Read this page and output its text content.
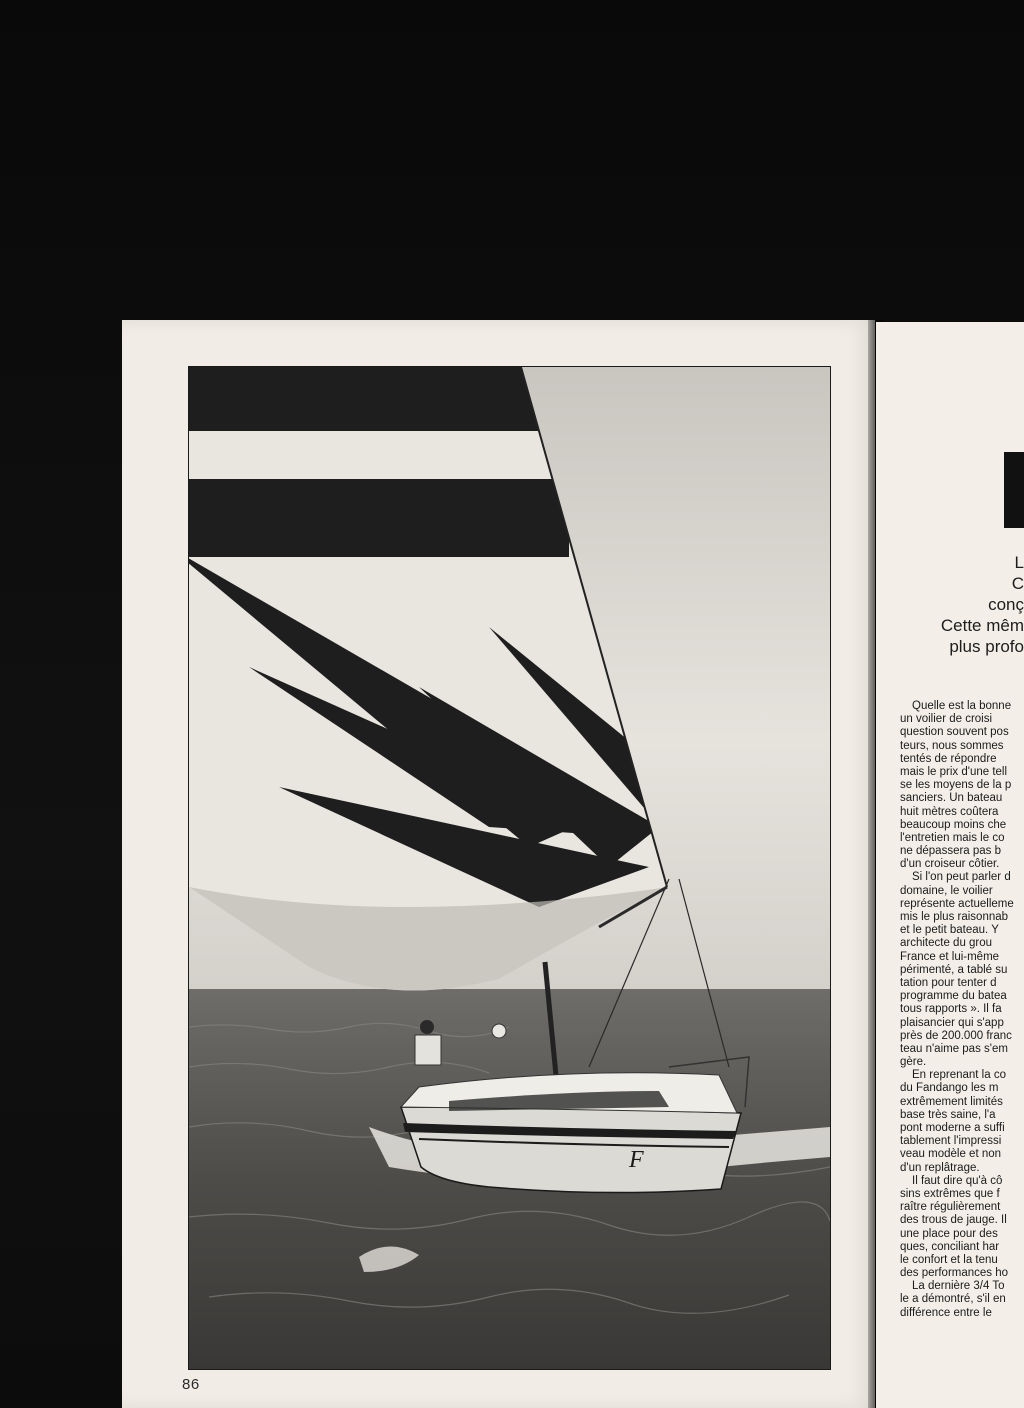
F
86
L
C
conç
Cette mêm
plus profo
Quelle est la bonne
un voilier de croisi
question souvent pos
teurs, nous sommes
tentés de répondre
mais le prix d'une tell
se les moyens de la p
sanciers. Un bateau
huit mètres coûtera
beaucoup moins che
l'entretien mais le co
ne dépassera pas b
d'un croiseur côtier.
Si l'on peut parler d
domaine, le voilier
représente actuelleme
mis le plus raisonnab
et le petit bateau. Y
architecte du grou
France et lui-même
périmenté, a tablé su
tation pour tenter d
programme du batea
tous rapports ». Il fa
plaisancier qui s'app
près de 200.000 franc
teau n'aime pas s'em
gère.
En reprenant la co
du Fandango les m
extrêmement limités
base très saine, l'a
pont moderne a suffi
tablement l'impressi
veau modèle et non
d'un replâtrage.
Il faut dire qu'à cô
sins extrêmes que f
raître régulièrement
des trous de jauge. Il
une place pour des
ques, conciliant har
le confort et la tenu
des performances ho
La dernière 3/4 To
le a démontré, s'il en
différence entre le
